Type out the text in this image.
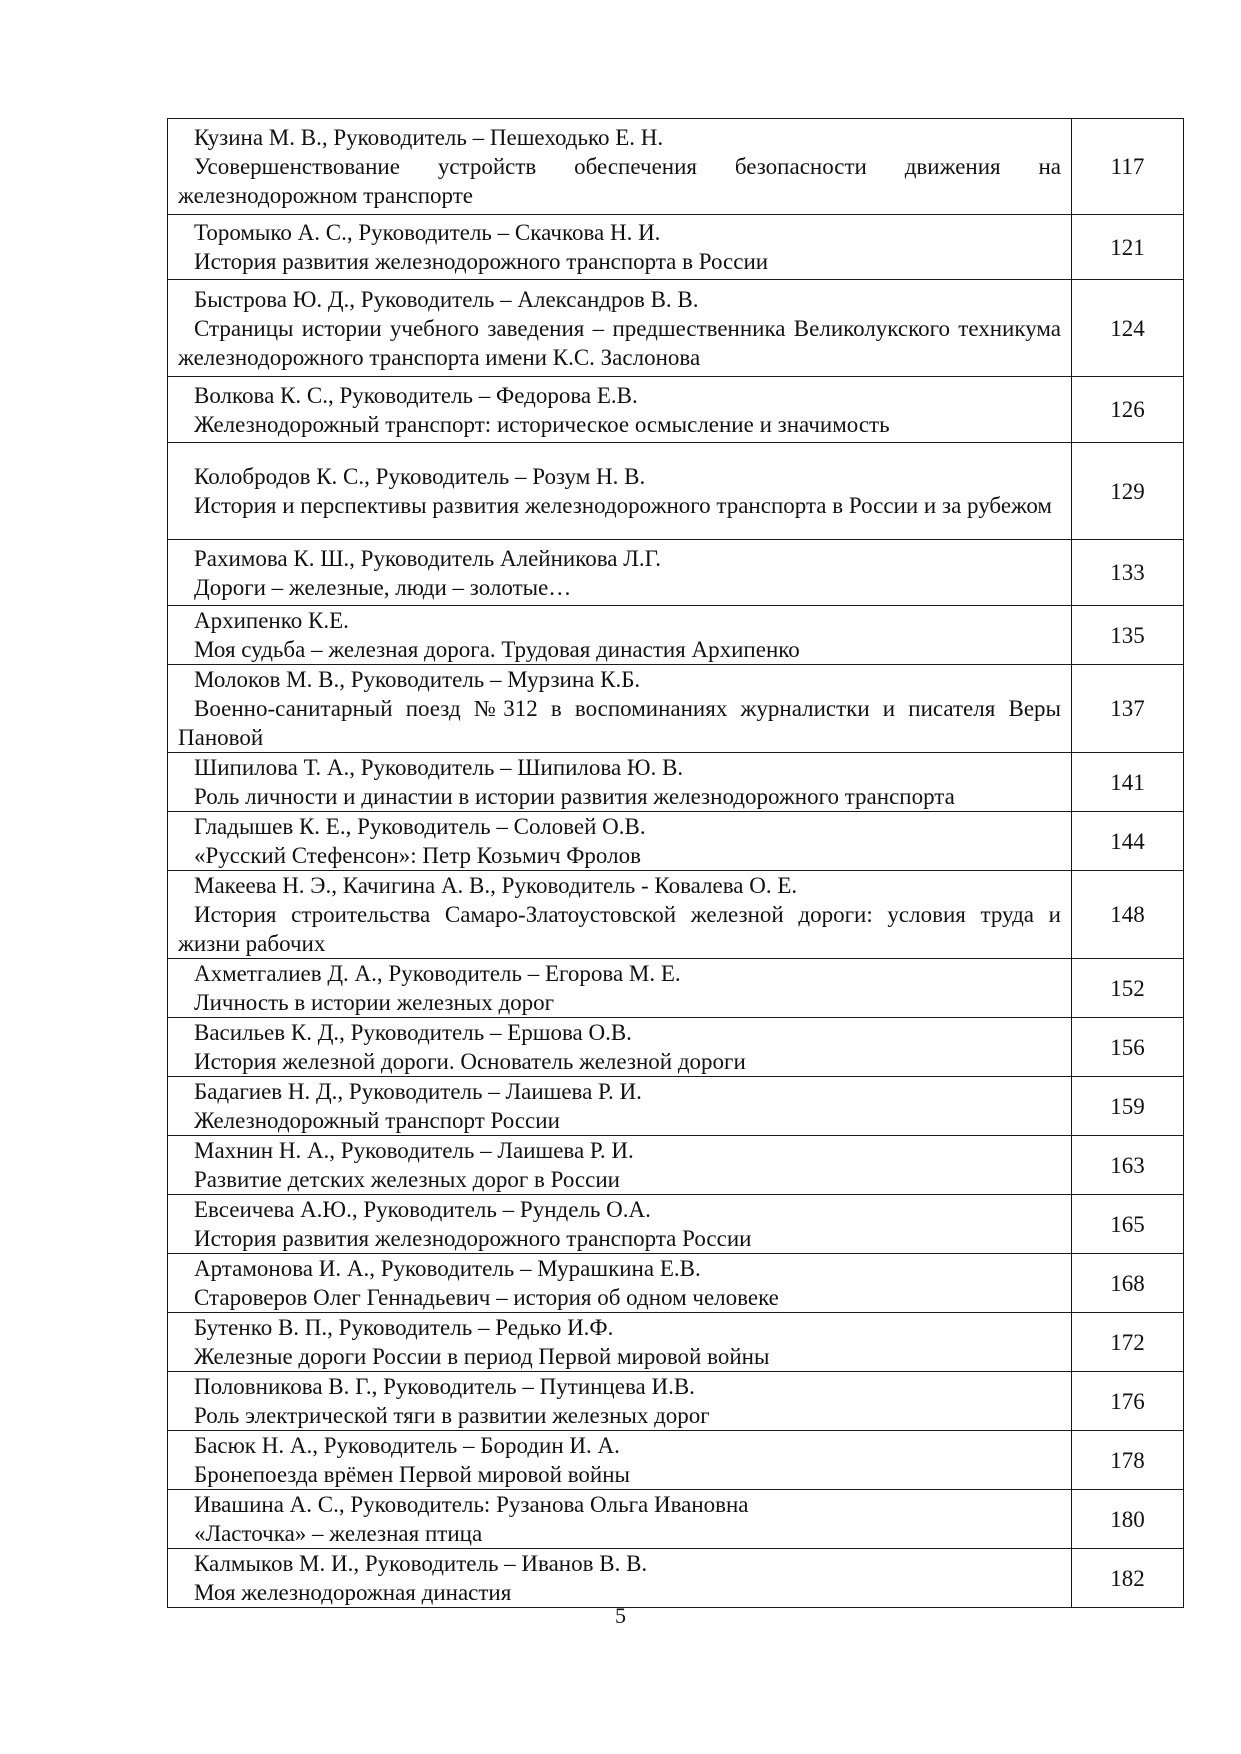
Кузина М. В., Руководитель – Пешеходько Е. Н.
Усовершенствование устройств обеспечения безопасности движения на железнодорожном транспорте	117

Торомыко А. С., Руководитель – Скачкова Н. И.
История развития железнодорожного транспорта в России	121

Быстрова Ю. Д., Руководитель – Александров В. В.
Страницы истории учебного заведения – предшественника Великолукского техникума железнодорожного транспорта имени К.С. Заслонова	124

Волкова К. С., Руководитель – Федорова Е.В.
Железнодорожный транспорт: историческое осмысление и значимость	126

Колобродов К. С., Руководитель – Розум Н. В.
История и перспективы развития железнодорожного транспорта в России и за рубежом	129

Рахимова К. Ш., Руководитель Алейникова Л.Г.
Дороги – железные, люди – золотые…	133

Архипенко К.Е.
Моя судьба – железная дорога. Трудовая династия Архипенко	135

Молоков М. В., Руководитель – Мурзина К.Б.
Военно-санитарный поезд №312 в воспоминаниях журналистки и писателя Веры Пановой	137

Шипилова Т. А., Руководитель – Шипилова Ю. В.
Роль личности и династии в истории развития железнодорожного транспорта	141

Гладышев К. Е., Руководитель – Соловей О.В.
«Русский Стефенсон»: Петр Козьмич Фролов	144

Макеева Н. Э., Качигина А. В., Руководитель - Ковалева О. Е.
История строительства Самаро-Златоустовской железной дороги: условия труда и жизни рабочих	148

Ахметгалиев Д. А., Руководитель – Егорова М. Е.
Личность в истории железных дорог	152

Васильев К. Д., Руководитель – Ершова О.В.
История железной дороги. Основатель железной дороги	156

Бадагиев Н. Д., Руководитель – Лаишева Р. И.
Железнодорожный транспорт России	159

Махнин Н. А., Руководитель – Лаишева Р. И.
Развитие детских железных дорог в России	163

Евсеичева А.Ю., Руководитель – Рундель О.А.
История развития железнодорожного транспорта России	165

Артамонова И. А., Руководитель – Мурашкина Е.В.
Староверов Олег Геннадьевич – история об одном человеке	168

Бутенко В. П., Руководитель – Редько И.Ф.
Железные дороги России в период Первой мировой войны	172

Половникова В. Г., Руководитель – Путинцева И.В.
Роль электрической тяги в развитии железных дорог	176

Басюк Н. А., Руководитель – Бородин И. А.
Бронепоезда врёмен Первой мировой войны	178

Ивашина А. С., Руководитель: Рузанова Ольга Ивановна
«Ласточка» – железная птица	180

Калмыков М. И., Руководитель – Иванов В. В.
Моя железнодорожная династия	182
5
